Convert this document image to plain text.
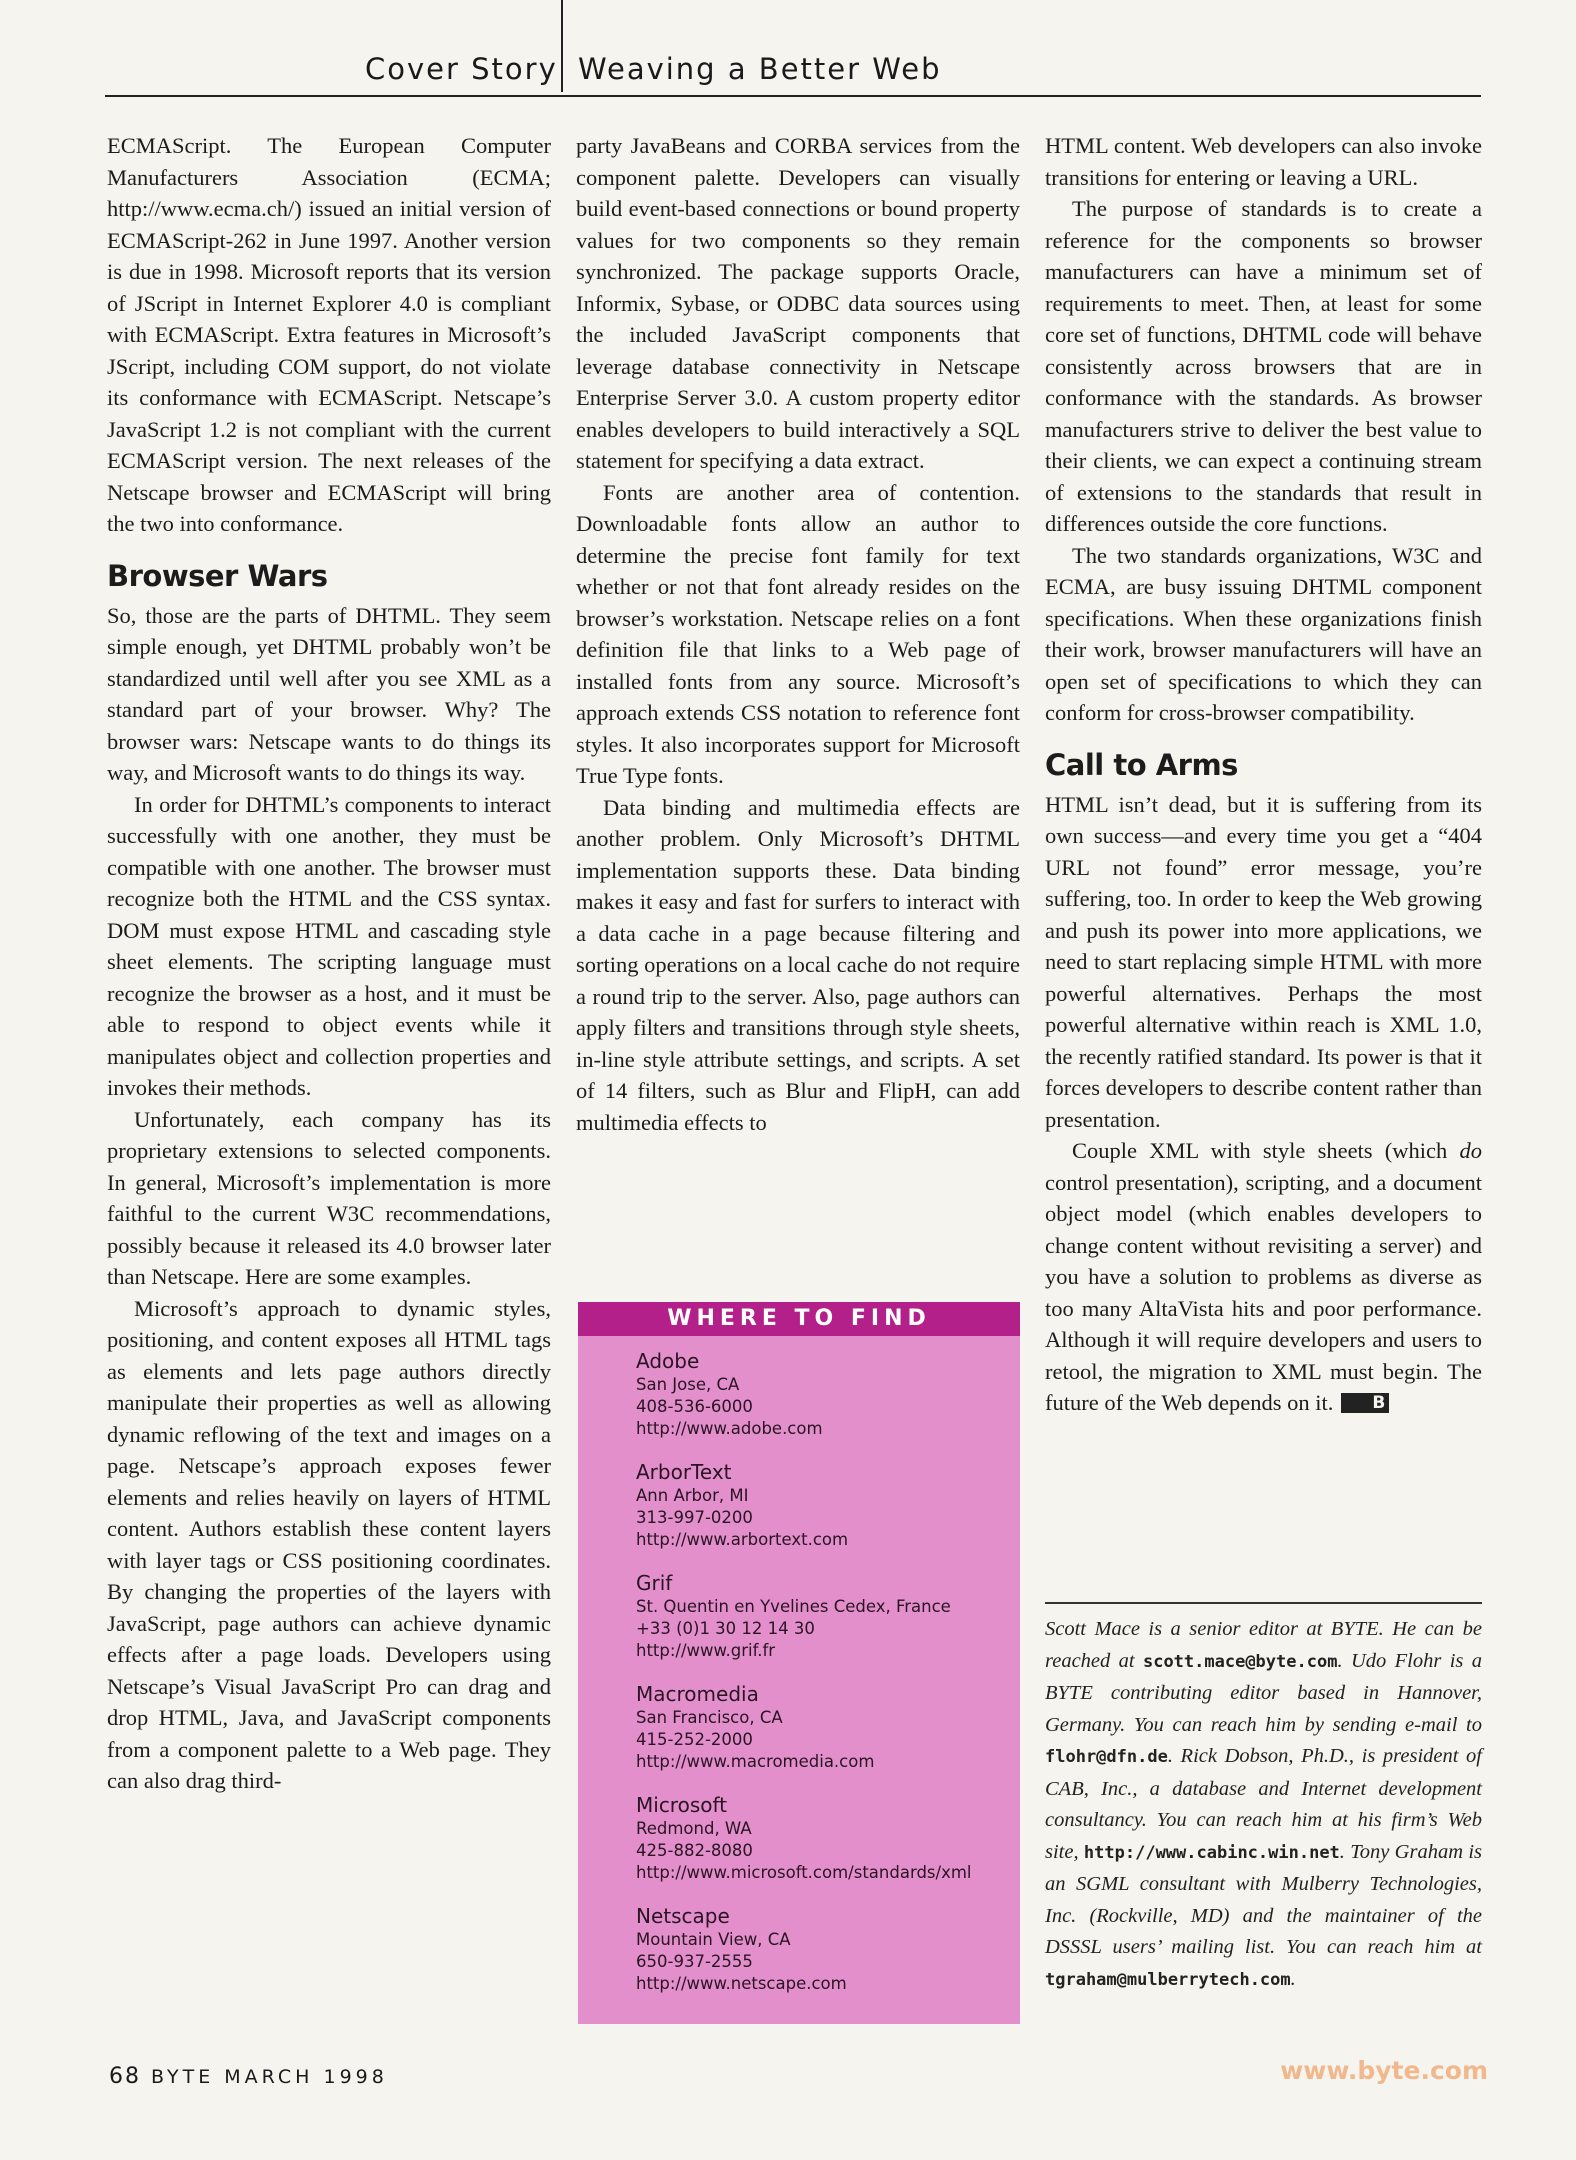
Cover Story Weaving a Better Web

ECMAScript. The European Computer Manufacturers Association (ECMA; http://www.ecma.ch/) issued an initial version of ECMAScript-262 in June 1997. Another version is due in 1998. Microsoft reports that its version of JScript in Internet Explorer 4.0 is compliant with ECMAScript. Extra features in Microsoft’s JScript, including COM support, do not violate its conformance with ECMAScript. Netscape’s JavaScript 1.2 is not compliant with the current ECMAScript version. The next releases of the Netscape browser and ECMAScript will bring the two into conformance.

Browser Wars

So, those are the parts of DHTML. They seem simple enough, yet DHTML probably won’t be standardized until well after you see XML as a standard part of your browser. Why? The browser wars: Netscape wants to do things its way, and Microsoft wants to do things its way.

In order for DHTML’s components to interact successfully with one another, they must be compatible with one another. The browser must recognize both the HTML and the CSS syntax. DOM must expose HTML and cascading style sheet elements. The scripting language must recognize the browser as a host, and it must be able to respond to object events while it manipulates object and collection properties and invokes their methods.

Unfortunately, each company has its proprietary extensions to selected components. In general, Microsoft’s implementation is more faithful to the current W3C recommendations, possibly because it released its 4.0 browser later than Netscape. Here are some examples.

Microsoft’s approach to dynamic styles, positioning, and content exposes all HTML tags as elements and lets page authors directly manipulate their properties as well as allowing dynamic reflowing of the text and images on a page. Netscape’s approach exposes fewer elements and relies heavily on layers of HTML content. Authors establish these content layers with layer tags or CSS positioning coordinates. By changing the properties of the layers with JavaScript, page authors can achieve dynamic effects after a page loads. Developers using Netscape’s Visual JavaScript Pro can drag and drop HTML, Java, and JavaScript components from a component palette to a Web page. They can also drag third-

party JavaBeans and CORBA services from the component palette. Developers can visually build event-based connections or bound property values for two components so they remain synchronized. The package supports Oracle, Informix, Sybase, or ODBC data sources using the included JavaScript components that leverage database connectivity in Netscape Enterprise Server 3.0. A custom property editor enables developers to build interactively a SQL statement for specifying a data extract.

Fonts are another area of contention. Downloadable fonts allow an author to determine the precise font family for text whether or not that font already resides on the browser’s workstation. Netscape relies on a font definition file that links to a Web page of installed fonts from any source. Microsoft’s approach extends CSS notation to reference font styles. It also incorporates support for Microsoft True Type fonts.

Data binding and multimedia effects are another problem. Only Microsoft’s DHTML implementation supports these. Data binding makes it easy and fast for surfers to interact with a data cache in a page because filtering and sorting operations on a local cache do not require a round trip to the server. Also, page authors can apply filters and transitions through style sheets, in-line style attribute settings, and scripts. A set of 14 filters, such as Blur and FlipH, can add multimedia effects to

WHERE TO FIND
Adobe
San Jose, CA
408-536-6000
http://www.adobe.com
ArborText
Ann Arbor, MI
313-997-0200
http://www.arbortext.com
Grif
St. Quentin en Yvelines Cedex, France
+33 (0)1 30 12 14 30
http://www.grif.fr
Macromedia
San Francisco, CA
415-252-2000
http://www.macromedia.com
Microsoft
Redmond, WA
425-882-8080
http://www.microsoft.com/standards/xml
Netscape
Mountain View, CA
650-937-2555
http://www.netscape.com

HTML content. Web developers can also invoke transitions for entering or leaving a URL.

The purpose of standards is to create a reference for the components so browser manufacturers can have a minimum set of requirements to meet. Then, at least for some core set of functions, DHTML code will behave consistently across browsers that are in conformance with the standards. As browser manufacturers strive to deliver the best value to their clients, we can expect a continuing stream of extensions to the standards that result in differences outside the core functions.

The two standards organizations, W3C and ECMA, are busy issuing DHTML component specifications. When these organizations finish their work, browser manufacturers will have an open set of specifications to which they can conform for cross-browser compatibility.

Call to Arms

HTML isn’t dead, but it is suffering from its own success—and every time you get a “404 URL not found” error message, you’re suffering, too. In order to keep the Web growing and push its power into more applications, we need to start replacing simple HTML with more powerful alternatives. Perhaps the most powerful alternative within reach is XML 1.0, the recently ratified standard. Its power is that it forces developers to describe content rather than presentation.

Couple XML with style sheets (which do control presentation), scripting, and a document object model (which enables developers to change content without revisiting a server) and you have a solution to problems as diverse as too many AltaVista hits and poor performance. Although it will require developers and users to retool, the migration to XML must begin. The future of the Web depends on it. B

Scott Mace is a senior editor at BYTE. He can be reached at scott.mace@byte.com. Udo Flohr is a BYTE contributing editor based in Hannover, Germany. You can reach him by sending e-mail to flohr@dfn.de. Rick Dobson, Ph.D., is president of CAB, Inc., a database and Internet development consultancy. You can reach him at his firm’s Web site, http://www.cabinc.win.net. Tony Graham is an SGML consultant with Mulberry Technologies, Inc. (Rockville, MD) and the maintainer of the DSSSL users’ mailing list. You can reach him at tgraham@mulberrytech.com.
68 BYTE MARCH 1998	www.byte.com
